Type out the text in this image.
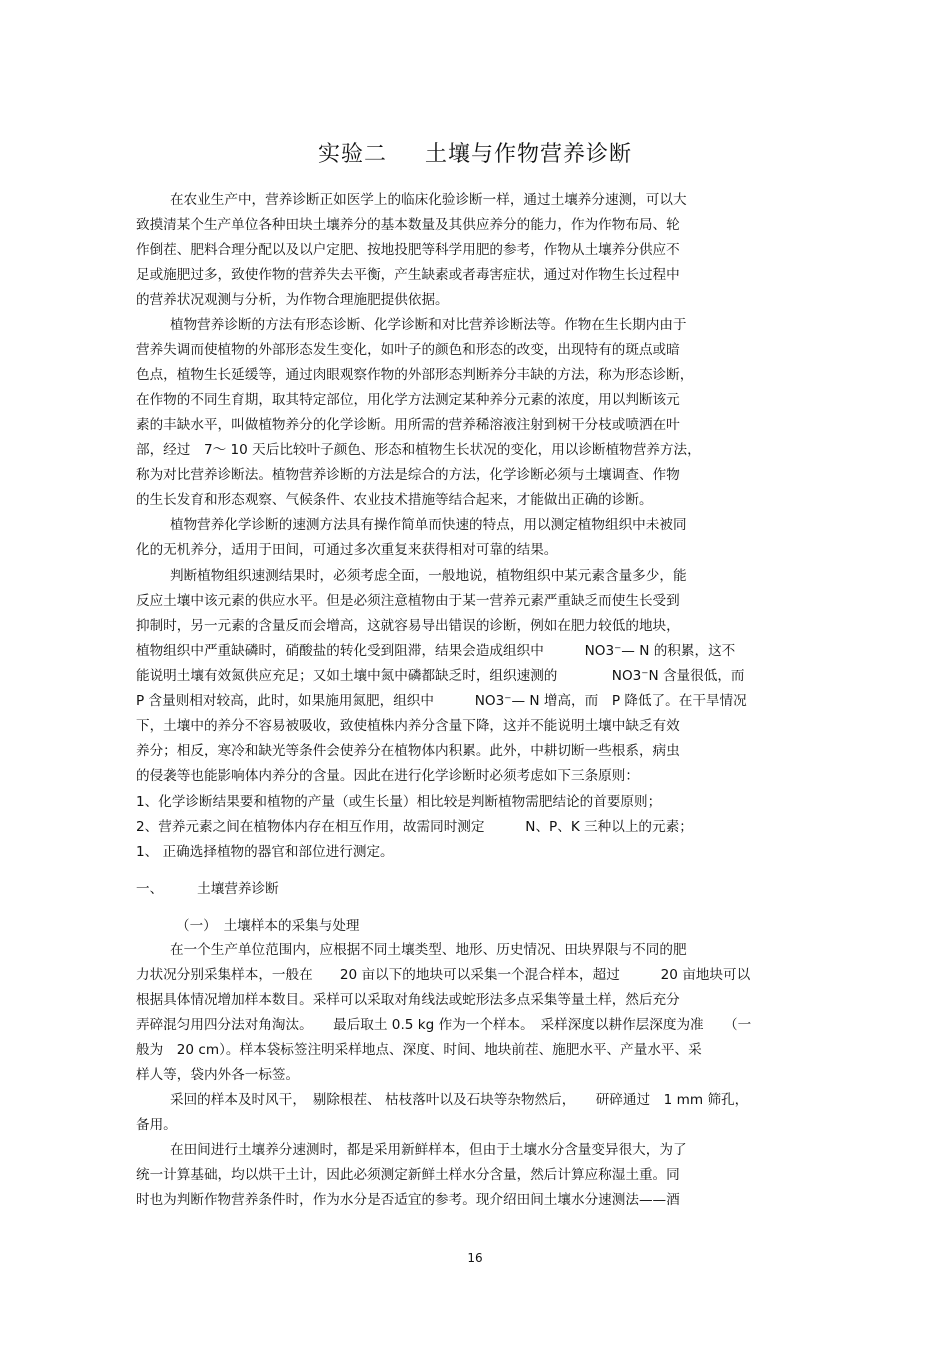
实验二 土壤与作物营养诊断
在农业生产中，营养诊断正如医学上的临床化验诊断一样，通过土壤养分速测，可以大
致摸清某个生产单位各种田块土壤养分的基本数量及其供应养分的能力，作为作物布局、轮
作倒茬、肥料合理分配以及以户定肥、按地投肥等科学用肥的参考，作物从土壤养分供应不
足或施肥过多，致使作物的营养失去平衡，产生缺素或者毒害症状，通过对作物生长过程中
的营养状况观测与分析，为作物合理施肥提供依据。
植物营养诊断的方法有形态诊断、化学诊断和对比营养诊断法等。作物在生长期内由于
营养失调而使植物的外部形态发生变化，如叶子的颜色和形态的改变，出现特有的斑点或暗
色点，植物生长延缓等，通过肉眼观察作物的外部形态判断养分丰缺的方法，称为形态诊断，
在作物的不同生育期，取其特定部位，用化学方法测定某种养分元素的浓度，用以判断该元
素的丰缺水平，叫做植物养分的化学诊断。用所需的营养稀溶液注射到树干分枝或喷洒在叶
部，经过　7～ 10 天后比较叶子颜色、形态和植物生长状况的变化，用以诊断植物营养方法，
称为对比营养诊断法。植物营养诊断的方法是综合的方法，化学诊断必须与土壤调查、作物
的生长发育和形态观察、气候条件、农业技术措施等结合起来，才能做出正确的诊断。
植物营养化学诊断的速测方法具有操作简单而快速的特点，用以测定植物组织中未被同
化的无机养分，适用于田间，可通过多次重复来获得相对可靠的结果。
判断植物组织速测结果时，必须考虑全面，一般地说，植物组织中某元素含量多少，能
反应土壤中该元素的供应水平。但是必须注意植物由于某一营养元素严重缺乏而使生长受到
抑制时，另一元素的含量反而会增高，这就容易导出错误的诊断，例如在肥力较低的地块，
植物组织中严重缺磷时，硝酸盐的转化受到阻滞，结果会造成组织中　　　NO3⁻— N 的积累，这不
能说明土壤有效氮供应充足；又如土壤中氮中磷都缺乏时，组织速测的　　　　NO3⁻N 含量很低，而
P 含量则相对较高，此时，如果施用氮肥，组织中　　　NO3⁻— N 增高，而　P 降低了。在干旱情况
下，土壤中的养分不容易被吸收，致使植株内养分含量下降，这并不能说明土壤中缺乏有效
养分；相反，寒冷和缺光等条件会使养分在植物体内积累。此外，中耕切断一些根系，病虫
的侵袭等也能影响体内养分的含量。因此在进行化学诊断时必须考虑如下三条原则：
1、化学诊断结果要和植物的产量（或生长量）相比较是判断植物需肥结论的首要原则；
2、营养元素之间在植物体内存在相互作用，故需同时测定　　　N、P、K 三种以上的元素；
1、 正确选择植物的器官和部位进行测定。
一、　　　土壤营养诊断
（一）　土壤样本的采集与处理
在一个生产单位范围内，应根据不同土壤类型、地形、历史情况、田块界限与不同的肥
力状况分别采集样本，一般在　　20 亩以下的地块可以采集一个混合样本，超过　　　20 亩地块可以
根据具体情况增加样本数目。采样可以采取对角线法或蛇形法多点采集等量土样，然后充分
弄碎混匀用四分法对角淘汰。　　最后取土 0.5 kg 作为一个样本。　采样深度以耕作层深度为准　　（一
般为　20 cm）。样本袋标签注明采样地点、深度、时间、地块前茬、施肥水平、产量水平、采
样人等，袋内外各一标签。
采回的样本及时风干，　剔除根茬、 枯枝落叶以及石块等杂物然后，　　研碎通过　1 mm 筛孔，
备用。
在田间进行土壤养分速测时，都是采用新鲜样本，但由于土壤水分含量变异很大，为了
统一计算基础，均以烘干土计，因此必须测定新鲜土样水分含量，然后计算应称湿土重。同
时也为判断作物营养条件时，作为水分是否适宜的参考。现介绍田间土壤水分速测法——酒
16
